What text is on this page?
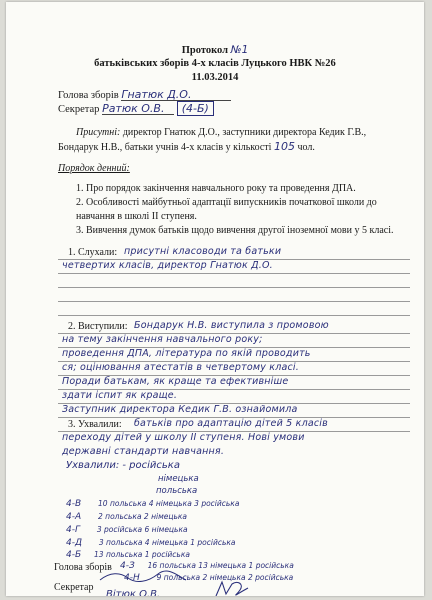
Протокол №1
батьківських зборів 4-х класів Луцького НВК №26
11.03.2014
Голова зборів Гнатюк Д.О.
Секретар Ратюк О.В. (4-Б)
Присутні: директор Гнатюк Д.О., заступники директора Кедик Г.В., Бондарук Н.В., батьки учнів 4-х класів у кількості 105 чол.
Порядок денний:
1. Про порядок закінчення навчального року та проведення ДПА.
2. Особливості майбутньої адаптації випускників початкової школи до навчання в школі II ступеня.
3. Вивчення думок батьків щодо вивчення другої іноземної мови у 5 класі.
1. Слухали: присутні класоводи та батьки
четвертих класів, директор Гнатюк Д.О.
2. Виступили: Бондарук Н.В. виступила з промовою
на тему закінчення навчального року;
проведення ДПА, література по якій проводить
ся; оцінювання атестатів в четвертому класі.
Поради батькам, як краще та ефективніше
здати іспит як краще.
Заступник директора Кедик Г.В. ознайомила
3. Ухвалили: батьків про адаптацію дітей 5 класів
переходу дітей у школу II ступеня. Нові умови
державні стандарти навчання.
Ухвалили: - російська
німецька
польська
4-В 10 польська 4 німецька 3 російська
4-А 2 польська 2 німецька
4-Г 3 російська 6 німецька
4-Д 3 польська 4 німецька 1 російська
4-Б 13 польська 1 російська
Голова зборів 4-З 16 польська 13 німецька 1 російська
4-Н 9 польська 2 німецька 2 російська
Секретар
Вітюк О.В.
